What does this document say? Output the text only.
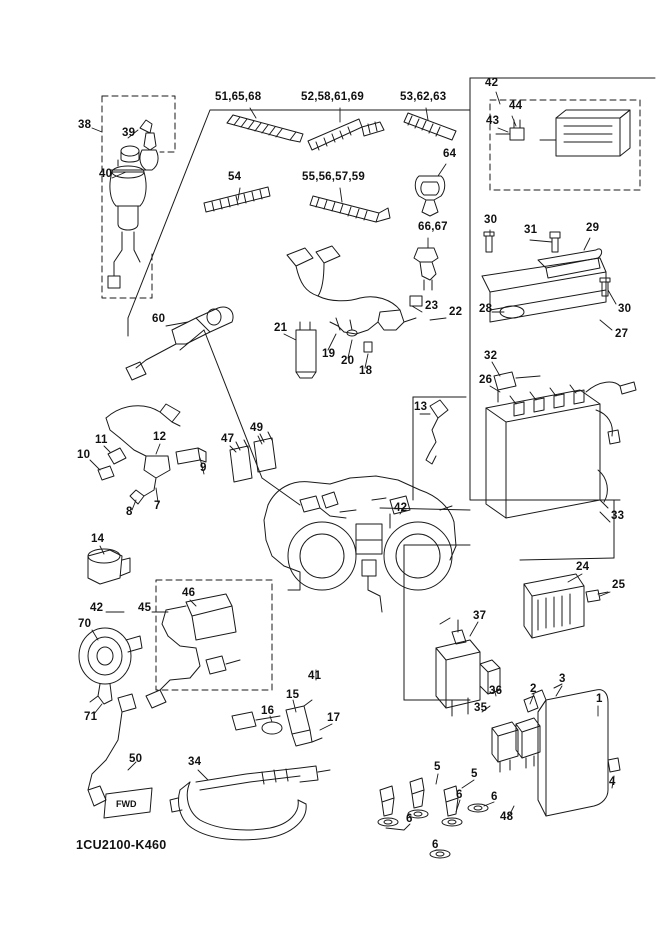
38
39
40
51,65,68	52,58,61,69	53,62,63
42
44
43
64
54	55,56,57,59
66,67
30
31	29
28	30
27
23 22
21
19
20
18
32
26
60
13
11	12
10
47
49
9
8 7	42
33
14
24
25
42	45
46
70
37
71
41
15
16
17
36 2
3
1
35
50	34	5
5
6 6
6
6
48
4
FWD
1CU2100-K460
